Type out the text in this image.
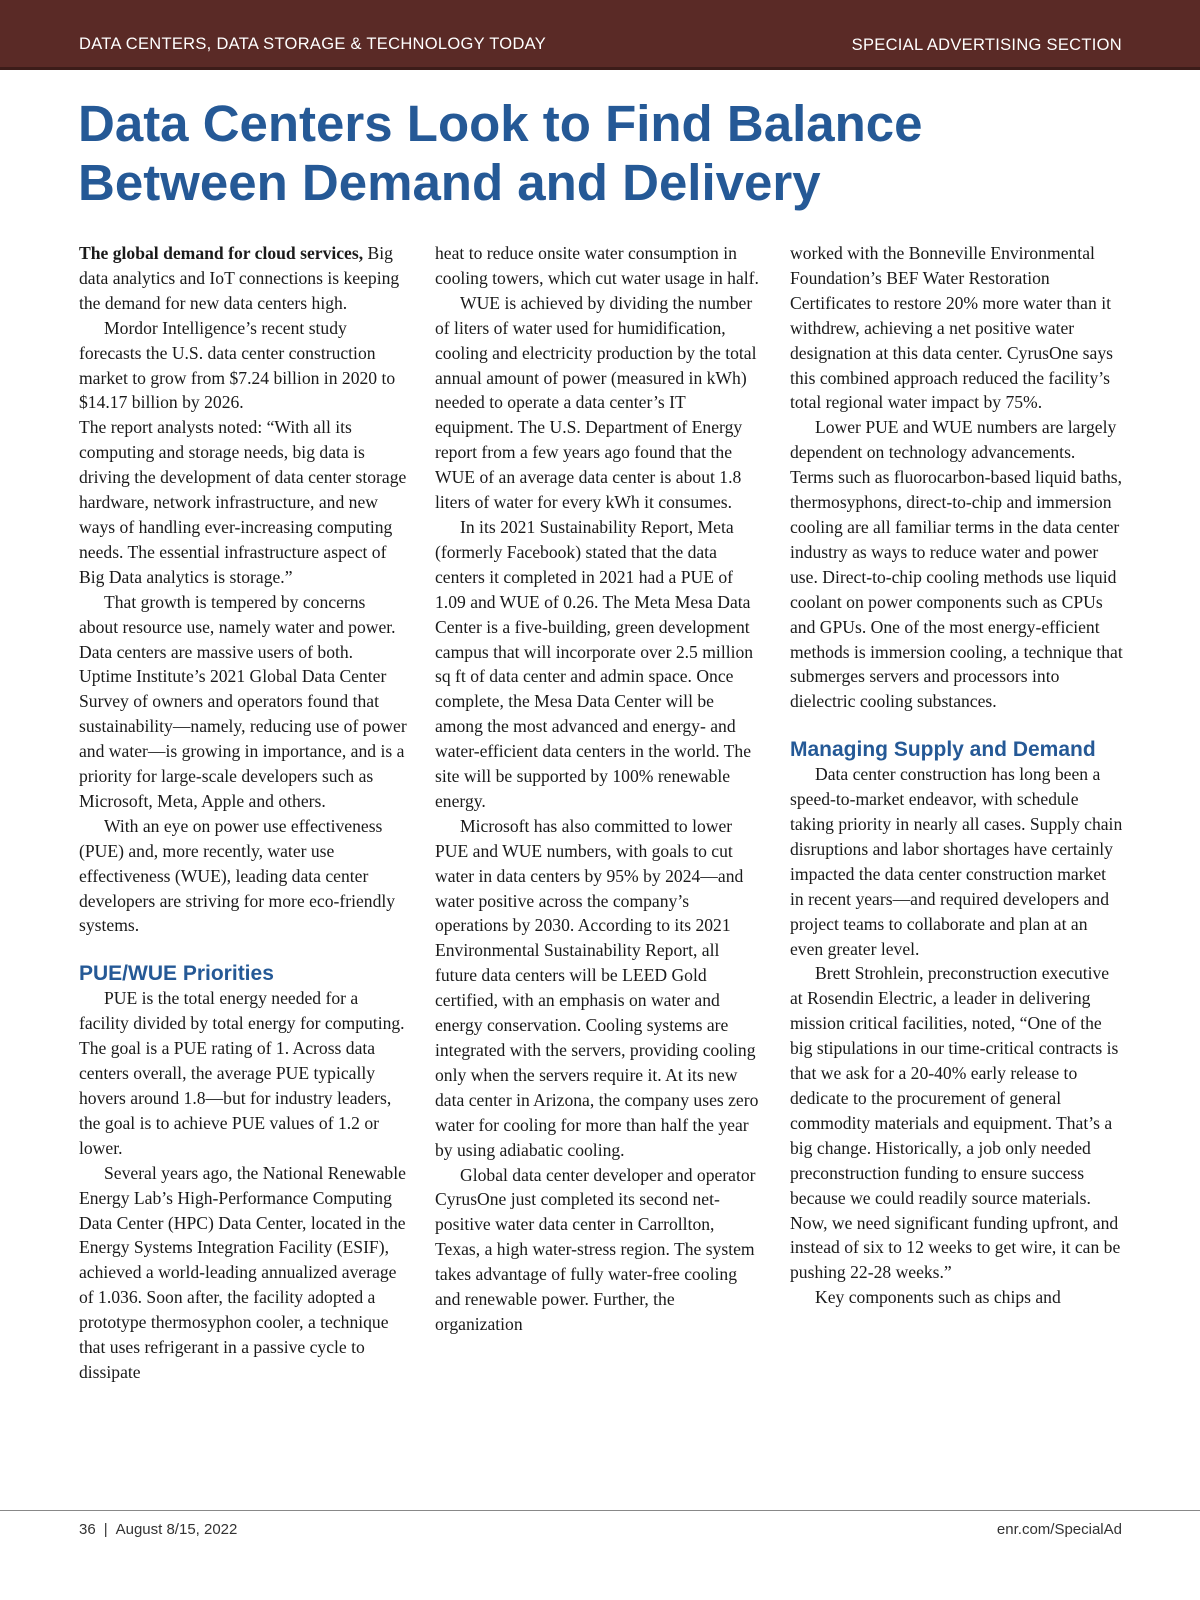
DATA CENTERS, DATA STORAGE & TECHNOLOGY TODAY	SPECIAL ADVERTISING SECTION
Data Centers Look to Find Balance
Between Demand and Delivery

The global demand for cloud services, Big data analytics and IoT connections is keeping the demand for new data centers high.

Mordor Intelligence’s recent study forecasts the U.S. data center construction market to grow from $7.24 billion in 2020 to $14.17 billion by 2026.

The report analysts noted: “With all its computing and storage needs, big data is driving the development of data center storage hardware, network infrastructure, and new ways of handling ever-increasing computing needs. The essential infrastructure aspect of Big Data analytics is storage.”

That growth is tempered by concerns about resource use, namely water and power. Data centers are massive users of both. Uptime Institute’s 2021 Global Data Center Survey of owners and operators found that sustainability—namely, reducing use of power and water—is growing in importance, and is a priority for large-scale developers such as Microsoft, Meta, Apple and others.

With an eye on power use effectiveness (PUE) and, more recently, water use effectiveness (WUE), leading data center developers are striving for more eco-friendly systems.

PUE/WUE Priorities

PUE is the total energy needed for a facility divided by total energy for computing. The goal is a PUE rating of 1. Across data centers overall, the average PUE typically hovers around 1.8—but for industry leaders, the goal is to achieve PUE values of 1.2 or lower.

Several years ago, the National Renewable Energy Lab’s High-Performance Computing Data Center (HPC) Data Center, located in the Energy Systems Integration Facility (ESIF), achieved a world-leading annualized average of 1.036. Soon after, the facility adopted a prototype thermosyphon cooler, a technique that uses refrigerant in a passive cycle to dissipate

heat to reduce onsite water consumption in cooling towers, which cut water usage in half.

WUE is achieved by dividing the number of liters of water used for humidification, cooling and electricity production by the total annual amount of power (measured in kWh) needed to operate a data center’s IT equipment. The U.S. Department of Energy report from a few years ago found that the WUE of an average data center is about 1.8 liters of water for every kWh it consumes.

In its 2021 Sustainability Report, Meta (formerly Facebook) stated that the data centers it completed in 2021 had a PUE of 1.09 and WUE of 0.26. The Meta Mesa Data Center is a five-building, green development campus that will incorporate over 2.5 million sq ft of data center and admin space. Once complete, the Mesa Data Center will be among the most advanced and energy- and water-efficient data centers in the world. The site will be supported by 100% renewable energy.

Microsoft has also committed to lower PUE and WUE numbers, with goals to cut water in data centers by 95% by 2024—and water positive across the company’s operations by 2030. According to its 2021 Environmental Sustainability Report, all future data centers will be LEED Gold certified, with an emphasis on water and energy conservation. Cooling systems are integrated with the servers, providing cooling only when the servers require it. At its new data center in Arizona, the company uses zero water for cooling for more than half the year by using adiabatic cooling.

Global data center developer and operator CyrusOne just completed its second net-positive water data center in Carrollton, Texas, a high water-stress region. The system takes advantage of fully water-free cooling and renewable power. Further, the organization

worked with the Bonneville Environmental Foundation’s BEF Water Restoration Certificates to restore 20% more water than it withdrew, achieving a net positive water designation at this data center. CyrusOne says this combined approach reduced the facility’s total regional water impact by 75%.

Lower PUE and WUE numbers are largely dependent on technology advancements. Terms such as fluorocarbon-based liquid baths, thermosyphons, direct-to-chip and immersion cooling are all familiar terms in the data center industry as ways to reduce water and power use. Direct-to-chip cooling methods use liquid coolant on power components such as CPUs and GPUs. One of the most energy-efficient methods is immersion cooling, a technique that submerges servers and processors into dielectric cooling substances.

Managing Supply and Demand

Data center construction has long been a speed-to-market endeavor, with schedule taking priority in nearly all cases. Supply chain disruptions and labor shortages have certainly impacted the data center construction market in recent years—and required developers and project teams to collaborate and plan at an even greater level.

Brett Strohlein, preconstruction executive at Rosendin Electric, a leader in delivering mission critical facilities, noted, “One of the big stipulations in our time-critical contracts is that we ask for a 20-40% early release to dedicate to the procurement of general commodity materials and equipment. That’s a big change. Historically, a job only needed preconstruction funding to ensure success because we could readily source materials. Now, we need significant funding upfront, and instead of six to 12 weeks to get wire, it can be pushing 22-28 weeks.”

Key components such as chips and

36 | August 8/15, 2022	enr.com/SpecialAd
